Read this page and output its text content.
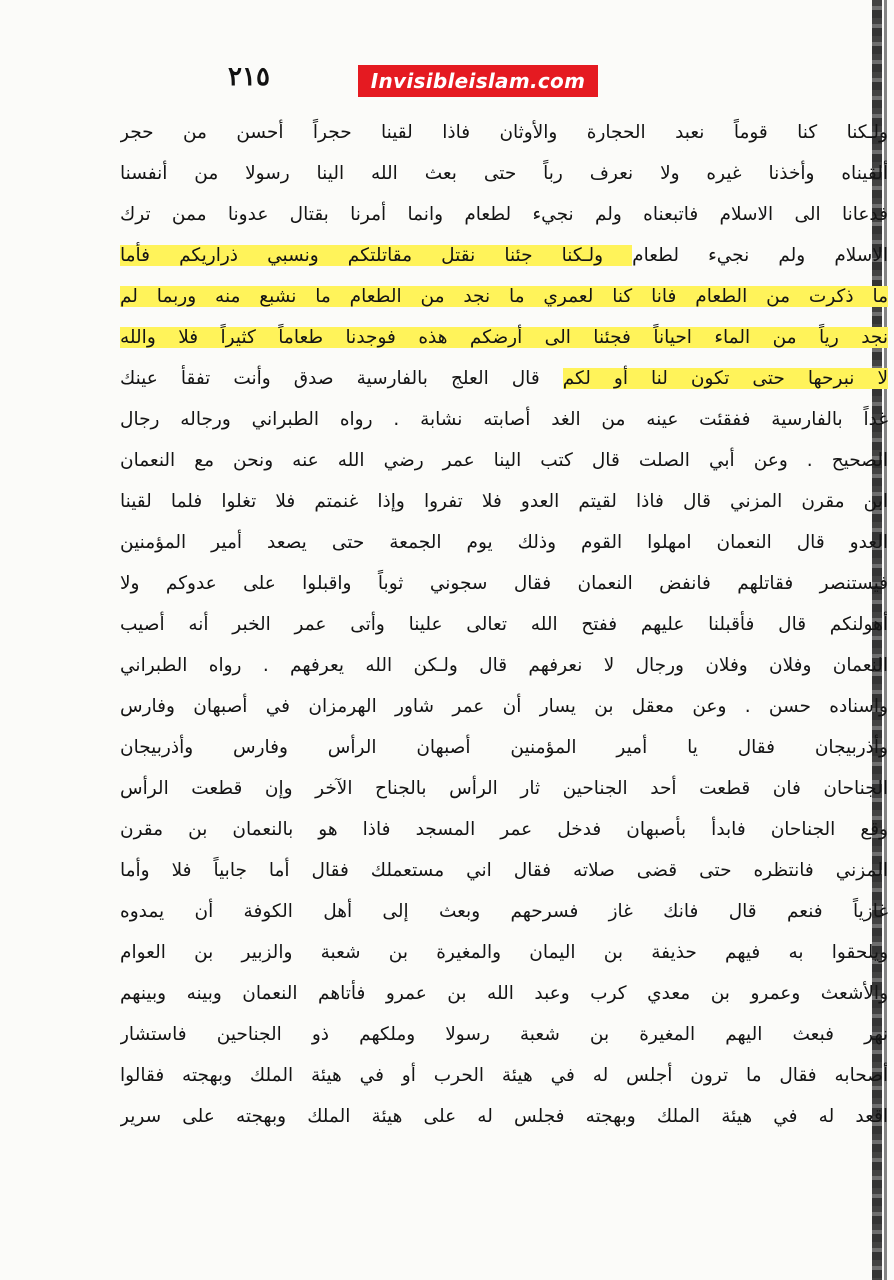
٢١٥	Invisibleislam.com
ولـكنا كنا قوماً نعبد الحجارة والأوثان فاذا لقينا حجراً أحسن من حجر
ألقيناه وأخذنا غيره ولا نعرف رباً حتى بعث الله الينا رسولا من أنفسنا
فدعانا الى الاسلام فاتبعناه ولم نجيء لطعام وانما أمرنا بقتال عدونا ممن ترك
الاسلام ولم نجيء لطعام ولـكنا جئنا نقتل مقاتلتكم ونسبي ذراريكم فأما
ما ذكرت من الطعام فانا كنا لعمري ما نجد من الطعام ما نشبع منه وربما لم
نجد رياً من الماء احياناً فجئنا الى أرضكم هذه فوجدنا طعاماً كثيراً فلا والله
لا نبرحها حتى تكون لنا أو لكم قال العلج بالفارسية صدق وأنت تفقأ عينك
غداً بالفارسية ففقئت عينه من الغد أصابته نشابة . رواه الطبراني ورجاله رجال
الصحيح . وعن أبي الصلت قال كتب الينا عمر رضي الله عنه ونحن مع النعمان
ابن مقرن المزني قال فاذا لقيتم العدو فلا تفروا وإذا غنمتم فلا تغلوا فلما لقينا
العدو قال النعمان امهلوا القوم وذلك يوم الجمعة حتى يصعد أمير المؤمنين
فيستنصر فقاتلهم فانفض النعمان فقال سجوني ثوباً واقبلوا على عدوكم ولا
أهولنكم قال فأقبلنا عليهم ففتح الله تعالى علينا وأتى عمر الخبر أنه أصيب
النعمان وفلان وفلان ورجال لا نعرفهم قال ولـكن الله يعرفهم . رواه الطبراني
واسناده حسن . وعن معقل بن يسار أن عمر شاور الهرمزان في أصبهان وفارس
وأذربيجان فقال يا أمير المؤمنين أصبهان الرأس وفارس وأذربيجان
الجناحان فان قطعت أحد الجناحين ثار الرأس بالجناح الآخر وإن قطعت الرأس
وقع الجناحان فابدأ بأصبهان فدخل عمر المسجد فاذا هو بالنعمان بن مقرن
المزني فانتظره حتى قضى صلاته فقال اني مستعملك فقال أما جابياً فلا وأما
غازياً فنعم قال فانك غاز فسرحهم وبعث إلى أهل الكوفة أن يمدوه
ويلحقوا به فيهم حذيفة بن اليمان والمغيرة بن شعبة والزبير بن العوام
والأشعث وعمرو بن معدي كرب وعبد الله بن عمرو فأتاهم النعمان وبينه وبينهم
نهر فبعث اليهم المغيرة بن شعبة رسولا وملكهم ذو الجناحين فاستشار
أصحابه فقال ما ترون أجلس له في هيئة الحرب أو في هيئة الملك وبهجته فقالوا
اقعد له في هيئة الملك وبهجته فجلس له على هيئة الملك وبهجته على سرير
